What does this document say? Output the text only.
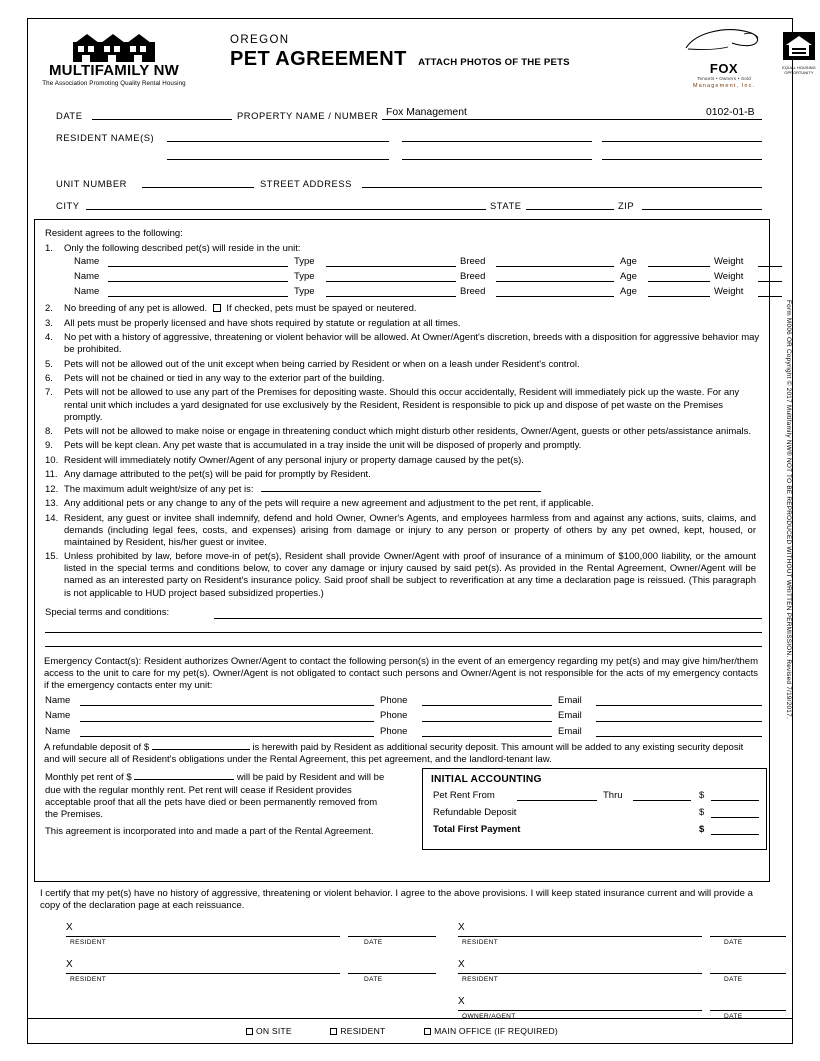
MULTIFAMILY NW
The Association Promoting Quality Rental Housing
OREGON
PET AGREEMENT ATTACH PHOTOS OF THE PETS	FOX
Tenants • Owners • Sold
Management, Inc.
EQUAL HOUSING OPPORTUNITY
DATE	PROPERTY NAME / NUMBER Fox Management	0102-01-B
RESIDENT NAME(S)
UNIT NUMBER	STREET ADDRESS
CITY	STATE	ZIP
Resident agrees to the following:
1.	Only the following described pet(s) will reside in the unit:
Name	Type	Breed	Age	Weight
Name	Type	Breed	Age	Weight
Name	Type	Breed	Age	Weight
2.	No breeding of any pet is allowed. If checked, pets must be spayed or neutered.
3.	All pets must be properly licensed and have shots required by statute or regulation at all times.
4.	No pet with a history of aggressive, threatening or violent behavior will be allowed. At Owner/Agent's discretion, breeds with a disposition for aggressive behavior may be prohibited.
5.	Pets will not be allowed out of the unit except when being carried by Resident or when on a leash under Resident's control.
6.	Pets will not be chained or tied in any way to the exterior part of the building.
7.	Pets will not be allowed to use any part of the Premises for depositing waste. Should this occur accidentally, Resident will immediately pick up the waste. For any rental unit which includes a yard designated for use exclusively by the Resident, Resident is responsible to pick up and dispose of pet waste on the Premises promptly.
8.	Pets will not be allowed to make noise or engage in threatening conduct which might disturb other residents, Owner/Agent, guests or other pets/assistance animals.
9.	Pets will be kept clean. Any pet waste that is accumulated in a tray inside the unit will be disposed of properly and promptly.
10. Resident will immediately notify Owner/Agent of any personal injury or property damage caused by the pet(s).
11. Any damage attributed to the pet(s) will be paid for promptly by Resident.
12. The maximum adult weight/size of any pet is:
13. Any additional pets or any change to any of the pets will require a new agreement and adjustment to the pet rent, if applicable.
14. Resident, any guest or invitee shall indemnify, defend and hold Owner, Owner's Agents, and employees harmless from and against any actions, suits, claims, and demands (including legal fees, costs, and expenses) arising from damage or injury to any person or property of others by any pet owned, kept, housed, or maintained by Resident, his/her guest or invitee.
15. Unless prohibited by law, before move-in of pet(s), Resident shall provide Owner/Agent with proof of insurance of a minimum of $100,000 liability, or the amount listed in the special terms and conditions below, to cover any damage or injury caused by said pet(s). As provided in the Rental Agreement, Owner/Agent will be named as an interested party on Resident's insurance policy. Said proof shall be subject to reverification at any time a declaration page is reissued. (This paragraph is not applicable to HUD project based subsidized properties.)
Special terms and conditions:
Emergency Contact(s): Resident authorizes Owner/Agent to contact the following person(s) in the event of an emergency regarding my pet(s) and may give him/her/them access to the unit to care for my pet(s). Owner/Agent is not obligated to contact such persons and Owner/Agent is not responsible for the acts of my emergency contacts if the emergency contacts enter my unit:
Name	Phone	Email
Name	Phone	Email
Name	Phone	Email
A refundable deposit of $	is herewith paid by Resident as additional security deposit. This amount will be added to any existing security deposit and will secure all of Resident's obligations under the Rental Agreement, this pet agreement, and the landlord-tenant law.
Monthly pet rent of $	will be paid by Resident and will be due with the regular monthly rent. Pet rent will cease if Resident provides acceptable proof that all the pets have died or been permanently removed from the Premises.
This agreement is incorporated into and made a part of the Rental Agreement.
INITIAL ACCOUNTING
Pet Rent From	Thru	$
Refundable Deposit	$
Total First Payment	$
I certify that my pet(s) have no history of aggressive, threatening or violent behavior. I agree to the above provisions. I will keep stated insurance current and will provide a copy of the declaration page at each reissuance.
X
RESIDENT	DATE
X
RESIDENT	DATE
X
RESIDENT	DATE
X
RESIDENT	DATE
X
OWNER/AGENT	DATE
ON SITE	RESIDENT	MAIN OFFICE (IF REQUIRED)
Form M006 OR Copyright © 2017 Multifamily NW® NOT TO BE REPRODUCED WITHOUT WRITTEN PERMISSION. Revised 7/19/2017.
